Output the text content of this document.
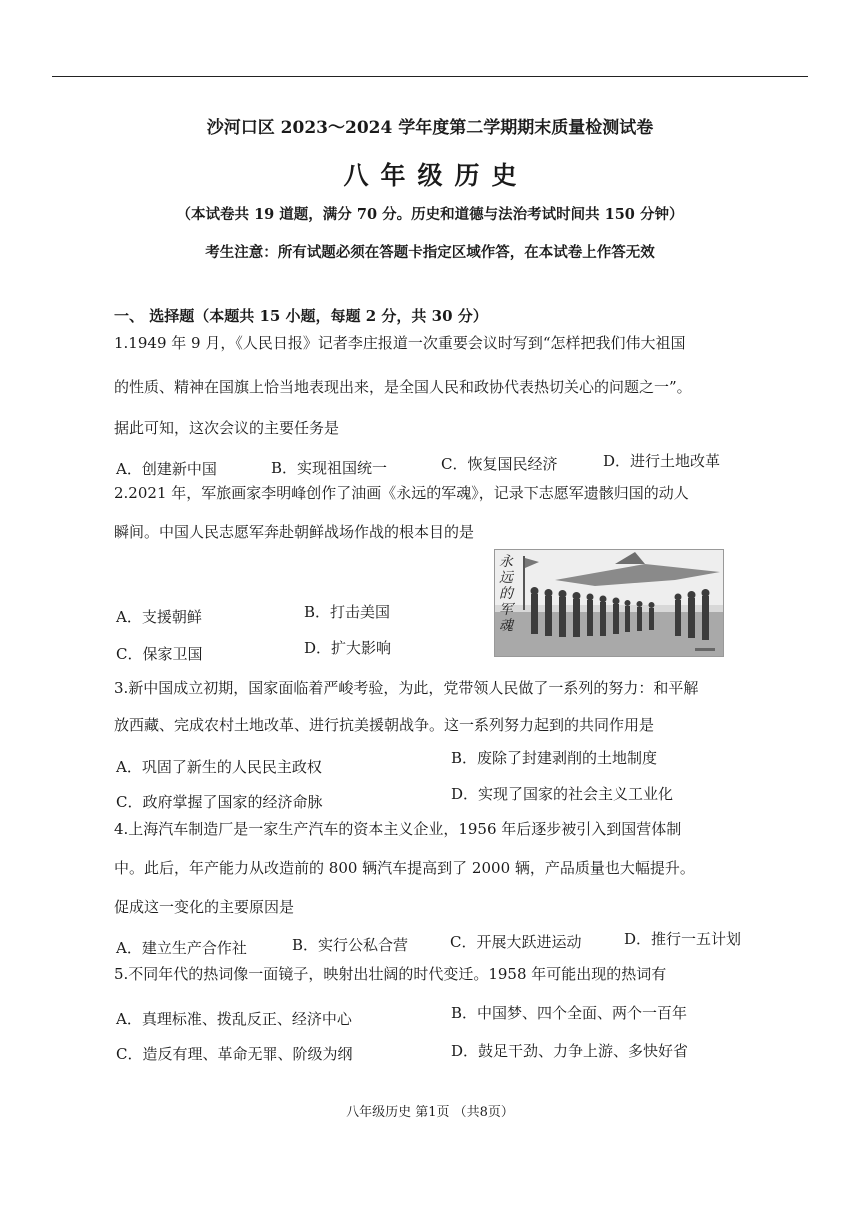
沙河口区 2023～2024 学年度第二学期期末质量检测试卷
八年级历史
（本试卷共 19 道题，满分 70 分。历史和道德与法治考试时间共 150 分钟）
考生注意：所有试题必须在答题卡指定区域作答，在本试卷上作答无效
一、 选择题（本题共 15 小题，每题 2 分，共 30 分）
1.1949 年 9 月，《人民日报》记者李庄报道一次重要会议时写到“怎样把我们伟大祖国
的性质、精神在国旗上恰当地表现出来，是全国人民和政协代表热切关心的问题之一”。
据此可知，这次会议的主要任务是
A．创建新中国	B．实现祖国统一	C．恢复国民经济	D．进行土地改革
2.2021 年，军旅画家李明峰创作了油画《永远的军魂》，记录下志愿军遗骸归国的动人
瞬间。中国人民志愿军奔赴朝鲜战场作战的根本目的是
A．支援朝鲜	B．打击美国
C．保家卫国	D．扩大影响
永远的军魂
3.新中国成立初期，国家面临着严峻考验，为此，党带领人民做了一系列的努力：和平解
放西藏、完成农村土地改革、进行抗美援朝战争。这一系列努力起到的共同作用是
A．巩固了新生的人民民主政权	B．废除了封建剥削的土地制度
C．政府掌握了国家的经济命脉	D．实现了国家的社会主义工业化
4.上海汽车制造厂是一家生产汽车的资本主义企业，1956 年后逐步被引入到国营体制
中。此后，年产能力从改造前的 800 辆汽车提高到了 2000 辆，产品质量也大幅提升。
促成这一变化的主要原因是
A．建立生产合作社	B．实行公私合营	C．开展大跃进运动	D．推行一五计划
5.不同年代的热词像一面镜子，映射出壮阔的时代变迁。1958 年可能出现的热词有
A．真理标准、拨乱反正、经济中心	B．中国梦、四个全面、两个一百年
C．造反有理、革命无罪、阶级为纲	D．鼓足干劲、力争上游、多快好省
八年级历史 第1页 （共8页）
